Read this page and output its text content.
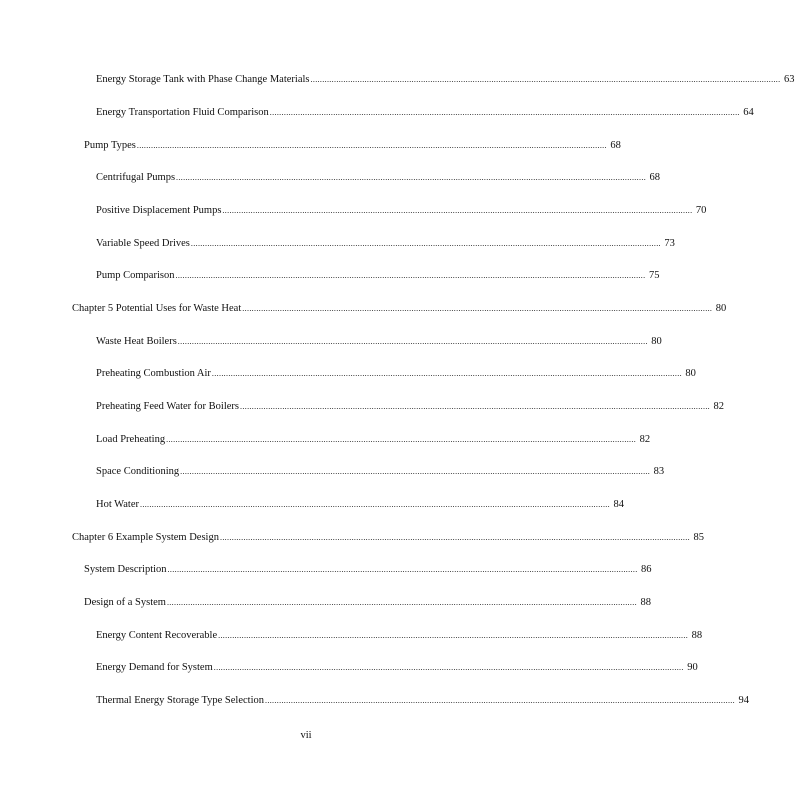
Energy Storage Tank with Phase Change Materials ........................................................................................................................................................................................................ 63
Energy Transportation Fluid Comparison ........................................................................................................................................................................................................ 64
Pump Types ........................................................................................................................................................................................................ 68
Centrifugal Pumps ........................................................................................................................................................................................................ 68
Positive Displacement Pumps ........................................................................................................................................................................................................ 70
Variable Speed Drives ........................................................................................................................................................................................................ 73
Pump Comparison ........................................................................................................................................................................................................ 75
Chapter 5 Potential Uses for Waste Heat ........................................................................................................................................................................................................ 80
Waste Heat Boilers ........................................................................................................................................................................................................ 80
Preheating Combustion Air ........................................................................................................................................................................................................ 80
Preheating Feed Water for Boilers ........................................................................................................................................................................................................ 82
Load Preheating ........................................................................................................................................................................................................ 82
Space Conditioning ........................................................................................................................................................................................................ 83
Hot Water ........................................................................................................................................................................................................ 84
Chapter 6 Example System Design ........................................................................................................................................................................................................ 85
System Description ........................................................................................................................................................................................................ 86
Design of a System ........................................................................................................................................................................................................ 88
Energy Content Recoverable ........................................................................................................................................................................................................ 88
Energy Demand for System ........................................................................................................................................................................................................ 90
Thermal Energy Storage Type Selection ........................................................................................................................................................................................................ 94
vii
